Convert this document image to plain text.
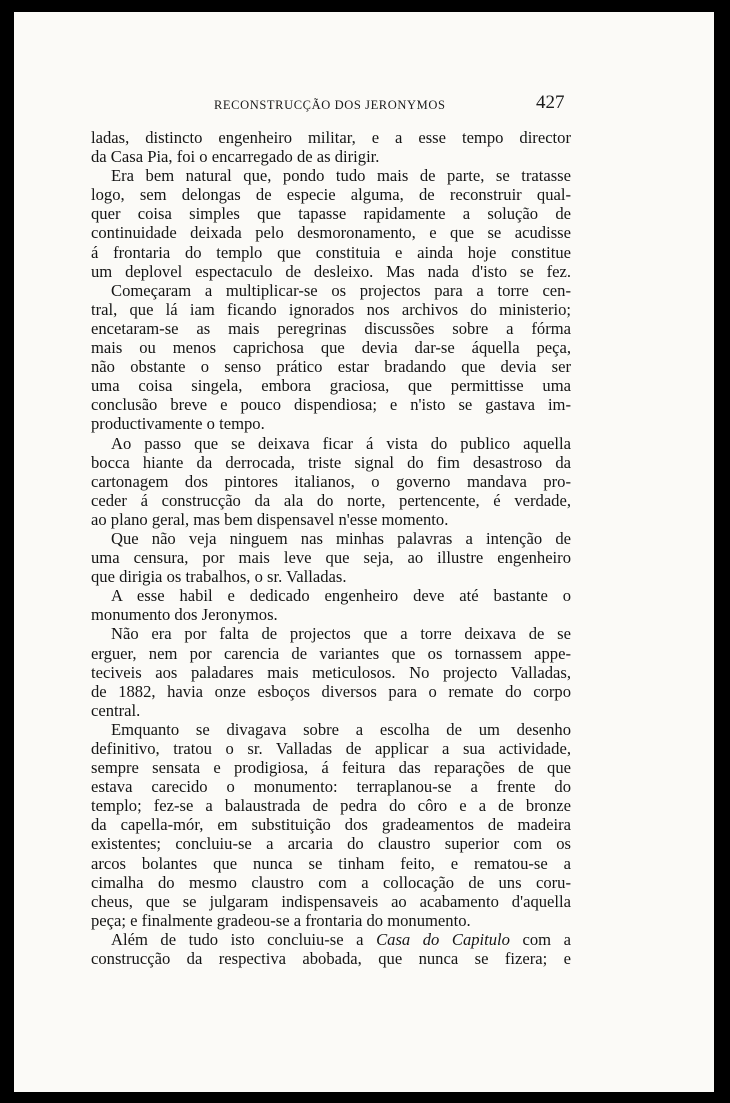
RECONSTRUCÇÃO DOS JERONYMOS	427
ladas, distincto engenheiro militar, e a esse tempo director
da Casa Pia, foi o encarregado de as dirigir.
Era bem natural que, pondo tudo mais de parte, se tratasse
logo, sem delongas de especie alguma, de reconstruir qual-
quer coisa simples que tapasse rapidamente a solução de
continuidade deixada pelo desmoronamento, e que se acudisse
á frontaria do templo que constituia e ainda hoje constitue
um deplovel espectaculo de desleixo. Mas nada d'isto se fez.
Começaram a multiplicar-se os projectos para a torre cen-
tral, que lá iam ficando ignorados nos archivos do ministerio;
encetaram-se as mais peregrinas discussões sobre a fórma
mais ou menos caprichosa que devia dar-se áquella peça,
não obstante o senso prático estar bradando que devia ser
uma coisa singela, embora graciosa, que permittisse uma
conclusão breve e pouco dispendiosa; e n'isto se gastava im-
productivamente o tempo.
Ao passo que se deixava ficar á vista do publico aquella
bocca hiante da derrocada, triste signal do fim desastroso da
cartonagem dos pintores italianos, o governo mandava pro-
ceder á construcção da ala do norte, pertencente, é verdade,
ao plano geral, mas bem dispensavel n'esse momento.
Que não veja ninguem nas minhas palavras a intenção de
uma censura, por mais leve que seja, ao illustre engenheiro
que dirigia os trabalhos, o sr. Valladas.
A esse habil e dedicado engenheiro deve até bastante o
monumento dos Jeronymos.
Não era por falta de projectos que a torre deixava de se
erguer, nem por carencia de variantes que os tornassem appe-
teciveis aos paladares mais meticulosos. No projecto Valladas,
de 1882, havia onze esboços diversos para o remate do corpo
central.
Emquanto se divagava sobre a escolha de um desenho
definitivo, tratou o sr. Valladas de applicar a sua actividade,
sempre sensata e prodigiosa, á feitura das reparações de que
estava carecido o monumento: terraplanou-se a frente do
templo; fez-se a balaustrada de pedra do côro e a de bronze
da capella-mór, em substituição dos gradeamentos de madeira
existentes; concluiu-se a arcaria do claustro superior com os
arcos bolantes que nunca se tinham feito, e rematou-se a
cimalha do mesmo claustro com a collocação de uns coru-
cheus, que se julgaram indispensaveis ao acabamento d'aquella
peça; e finalmente gradeou-se a frontaria do monumento.
Além de tudo isto concluiu-se a Casa do Capitulo com a
construcção da respectiva abobada, que nunca se fizera; e
